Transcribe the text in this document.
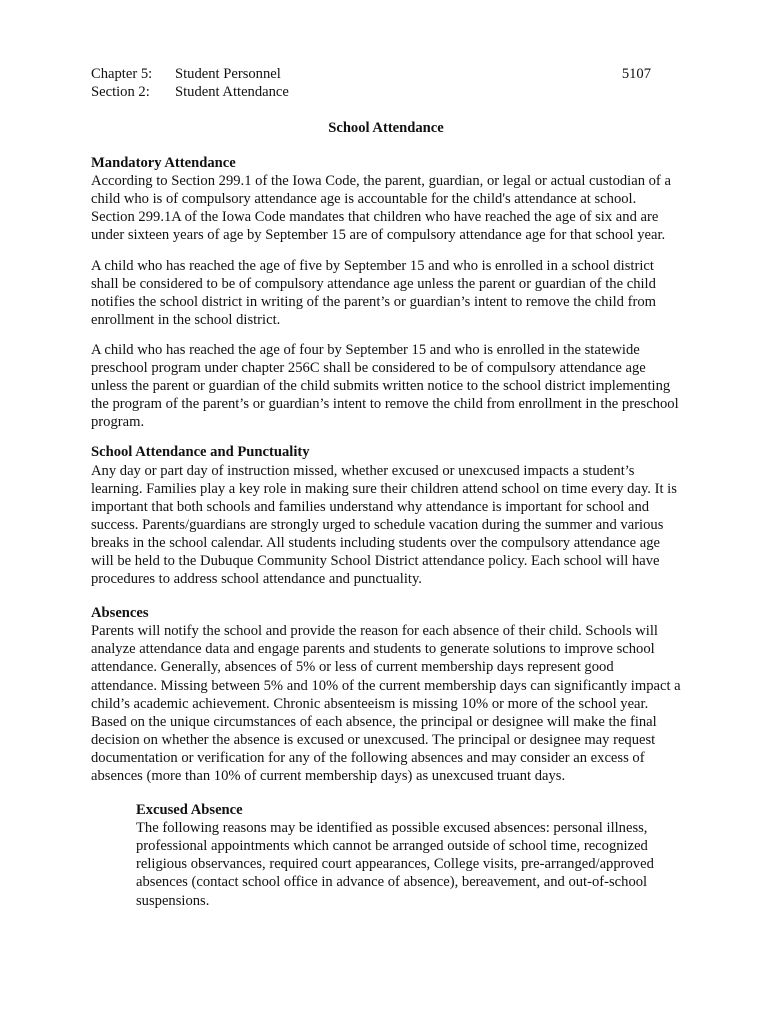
Chapter 5:	Student Personnel
Section 2:	Student Attendance
5107
School Attendance
Mandatory Attendance

According to Section 299.1 of the Iowa Code, the parent, guardian, or legal or actual custodian of a child who is of compulsory attendance age is accountable for the child's attendance at school. Section 299.1A of the Iowa Code mandates that children who have reached the age of six and are under sixteen years of age by September 15 are of compulsory attendance age for that school year.

A child who has reached the age of five by September 15 and who is enrolled in a school district shall be considered to be of compulsory attendance age unless the parent or guardian of the child notifies the school district in writing of the parent’s or guardian’s intent to remove the child from enrollment in the school district.

A child who has reached the age of four by September 15 and who is enrolled in the statewide preschool program under chapter 256C shall be considered to be of compulsory attendance age unless the parent or guardian of the child submits written notice to the school district implementing the program of the parent’s or guardian’s intent to remove the child from enrollment in the preschool program.

School Attendance and Punctuality

Any day or part day of instruction missed, whether excused or unexcused impacts a student’s learning. Families play a key role in making sure their children attend school on time every day. It is important that both schools and families understand why attendance is important for school and success. Parents/guardians are strongly urged to schedule vacation during the summer and various breaks in the school calendar. All students including students over the compulsory attendance age will be held to the Dubuque Community School District attendance policy. Each school will have procedures to address school attendance and punctuality.

Absences

Parents will notify the school and provide the reason for each absence of their child. Schools will analyze attendance data and engage parents and students to generate solutions to improve school attendance. Generally, absences of 5% or less of current membership days represent good attendance. Missing between 5% and 10% of the current membership days can significantly impact a child’s academic achievement. Chronic absenteeism is missing 10% or more of the school year. Based on the unique circumstances of each absence, the principal or designee will make the final decision on whether the absence is excused or unexcused. The principal or designee may request documentation or verification for any of the following absences and may consider an excess of absences (more than 10% of current membership days) as unexcused truant days.

Excused Absence

The following reasons may be identified as possible excused absences: personal illness, professional appointments which cannot be arranged outside of school time, recognized religious observances, required court appearances, College visits, pre-arranged/approved absences (contact school office in advance of absence), bereavement, and out-of-school suspensions.
